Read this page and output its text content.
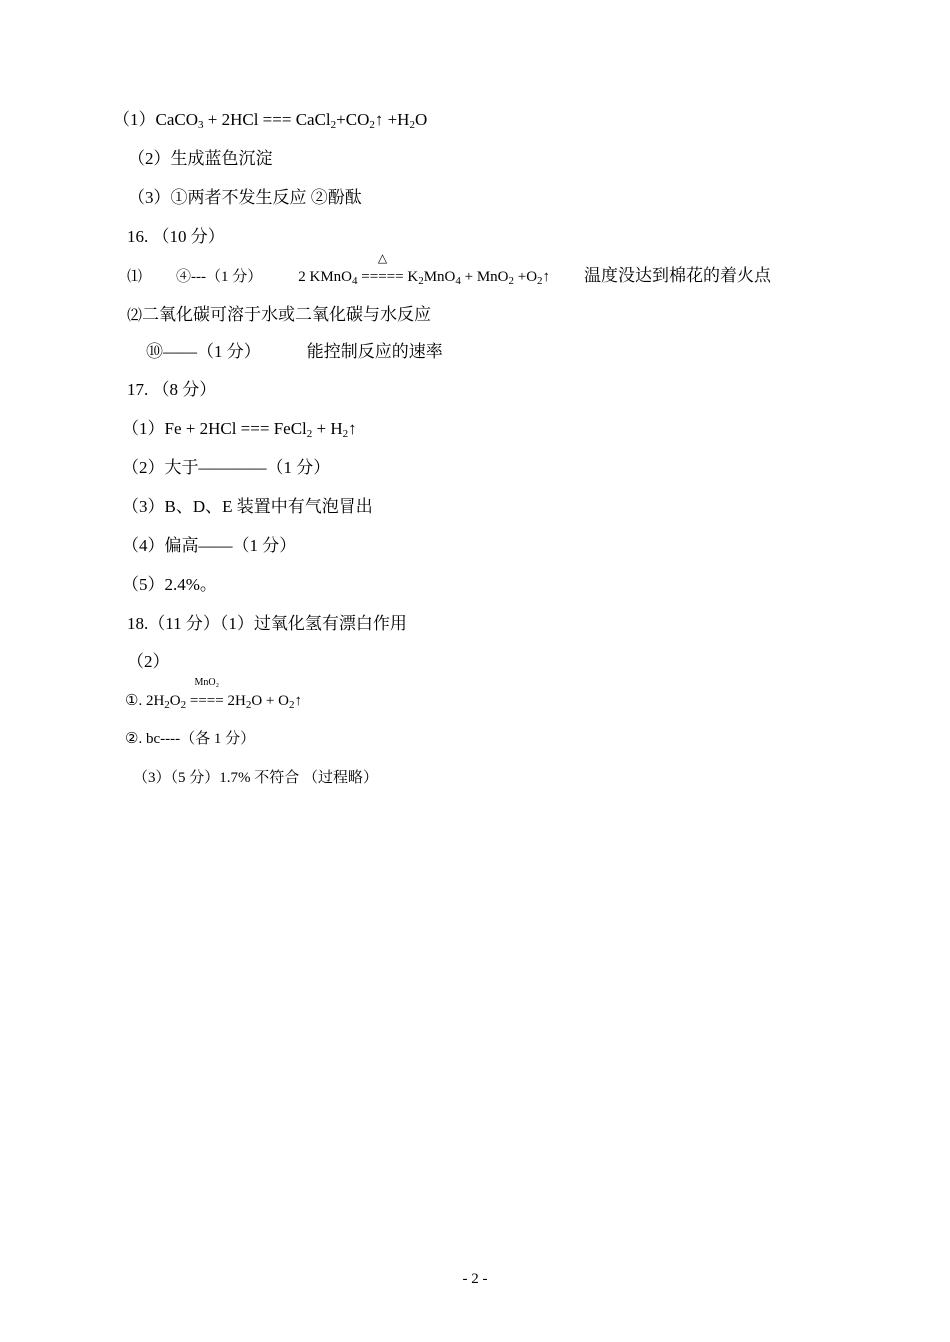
（1）CaCO$_3$ + 2HCl === $CaCl_2+CO_2↑ +H_2O$
（2）生成蓝色沉淀
（3）①两者不发生反应 ②酚酞
16. （10 分）
⑴ ④---（1 分） 2 KMnO$_4$
△
===== $K_2MnO_4 + MnO_2$ $+O_2↑$ 温度没达到棉花的着火点
⑵二氧化碳可溶于水或二氧化碳与水反应
⑩——（1 分）	能控制反应的速率
17. （8 分）
（1）Fe + 2HCl === FeCl$_2$ + $H_2↑$
（2）大于————（1 分）
（3）B、D、E 装置中有气泡冒出
（4）偏高——（1 分）
（5）2.4%。
18.（11 分）（1）过氧化氢有漂白作用
（2）
①. $2H_2O_2$
MnO₂
==== $2H_2O$ + $O_2↑$
②. bc----（各 1 分）
（3）（5 分）1.7% 不符合 （过程略）
- 2 -
